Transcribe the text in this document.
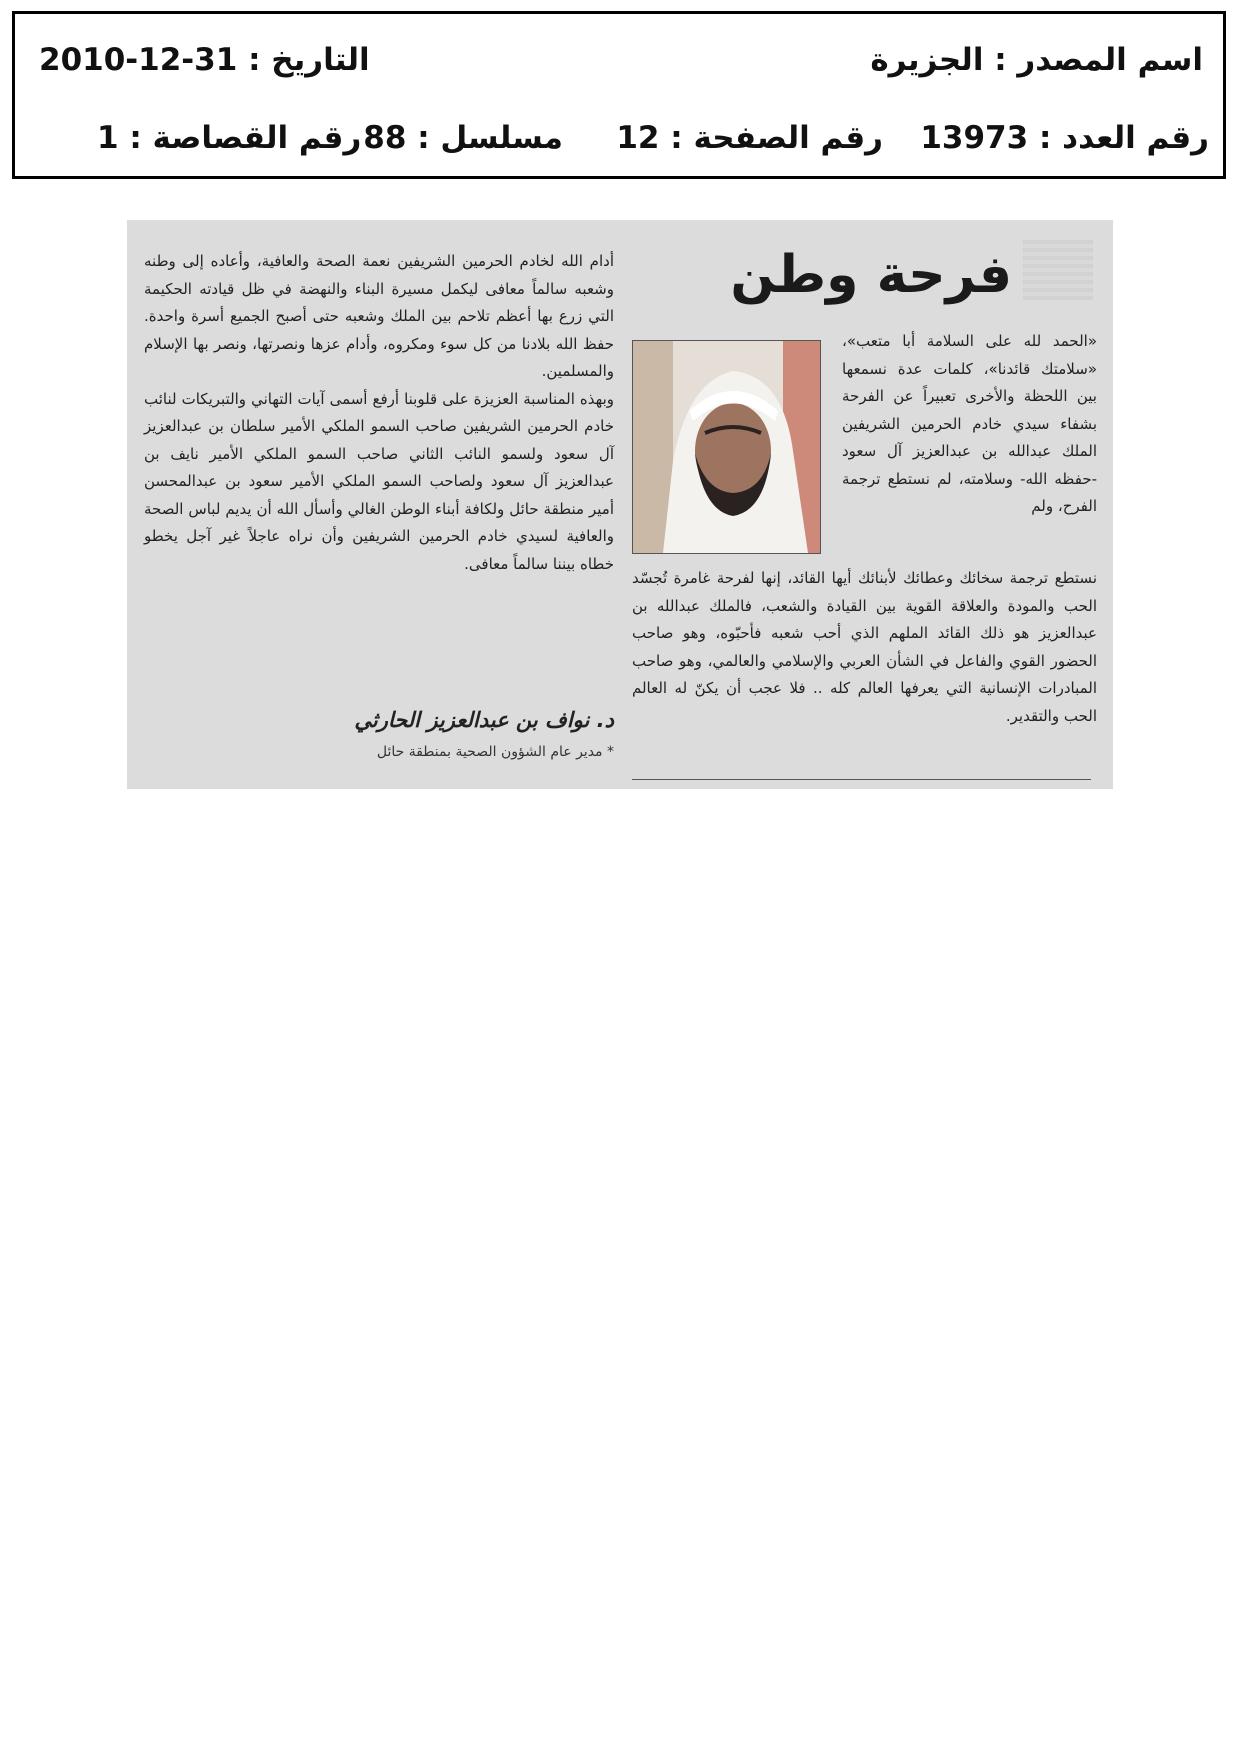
اسم المصدر : الجزيرة
التاريخ : 31-12-2010
رقم العدد : 13973
رقم الصفحة : 12
مسلسل : 88
رقم القصاصة : 1
فرحة وطن

«الحمد لله على السلامة أبا متعب»، «سلامتك قائدنا»، كلمات عدة نسمعها بين اللحظة والأخرى تعبيراً عن الفرحة بشفاء سيدي خادم الحرمين الشريفين الملك عبدالله بن عبدالعزيز آل سعود -حفظه الله- وسلامته، لم نستطع ترجمة الفرح، ولم

نستطع ترجمة سخائك وعطائك لأبنائك أيها القائد، إنها لفرحة غامرة تُجسّد الحب والمودة والعلاقة القوية بين القيادة والشعب، فالملك عبدالله بن عبدالعزيز هو ذلك القائد الملهم الذي أحب شعبه فأحبّوه، وهو صاحب الحضور القوي والفاعل في الشأن العربي والإسلامي والعالمي، وهو صاحب المبادرات الإنسانية التي يعرفها العالم كله .. فلا عجب أن يكنّ له العالم الحب والتقدير.

أدام الله لخادم الحرمين الشريفين نعمة الصحة والعافية، وأعاده إلى وطنه وشعبه سالماً معافى ليكمل مسيرة البناء والنهضة في ظل قيادته الحكيمة التي زرع بها أعظم تلاحم بين الملك وشعبه حتى أصبح الجميع أسرة واحدة. حفظ الله بلادنا من كل سوء ومكروه، وأدام عزها ونصرتها، ونصر بها الإسلام والمسلمين.

وبهذه المناسبة العزيزة على قلوبنا أرفع أسمى آيات التهاني والتبريكات لنائب خادم الحرمين الشريفين صاحب السمو الملكي الأمير سلطان بن عبدالعزيز آل سعود ولسمو النائب الثاني صاحب السمو الملكي الأمير نايف بن عبدالعزيز آل سعود ولصاحب السمو الملكي الأمير سعود بن عبدالمحسن أمير منطقة حائل ولكافة أبناء الوطن الغالي وأسأل الله أن يديم لباس الصحة والعافية لسيدي خادم الحرمين الشريفين وأن نراه عاجلاً غير آجل يخطو خطاه بيننا سالماً معافى.

د. نواف بن عبدالعزيز الحارثي
* مدير عام الشؤون الصحية بمنطقة حائل
